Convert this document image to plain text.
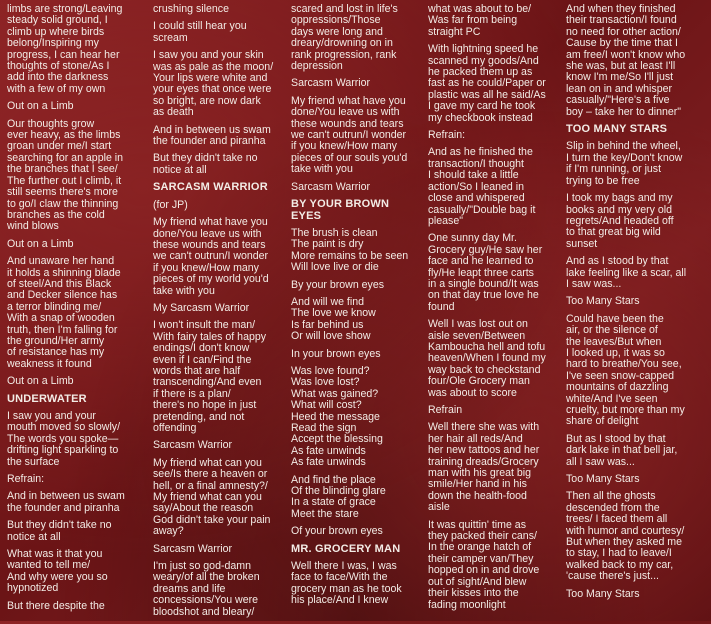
limbs are strong/Leaving
steady solid ground, I
climb up where birds
belong/Inspiring my
progress, I can hear her
thoughts of stone/As I
add into the darkness
with a few of my own

Out on a Limb

Our thoughts grow
ever heavy, as the limbs
groan under me/I start
searching for an apple in
the branches that I see/
The further out I climb, it
still seems there's more
to go/I claw the thinning
branches as the cold
wind blows

Out on a Limb

And unaware her hand
it holds a shinning blade
of steel/And this Black
and Decker silence has
a terror blinding me/
With a snap of wooden
truth, then I'm falling for
the ground/Her army
of resistance has my
weakness it found

Out on a Limb

UNDERWATER

I saw you and your
mouth moved so slowly/
The words you spoke—
drifting light sparkling to
the surface

Refrain:

And in between us swam
the founder and piranha

But they didn't take no
notice at all

What was it that you
wanted to tell me/
And why were you so
hypnotized

But there despite the

crushing silence

I could still hear you
scream

I saw you and your skin
was as pale as the moon/
Your lips were white and
your eyes that once were
so bright, are now dark
as death

And in between us swam
the founder and piranha

But they didn't take no
notice at all

SARCASM WARRIOR

(for JP)

My friend what have you
done/You leave us with
these wounds and tears
we can't outrun/I wonder
if you knew/How many
pieces of my world you'd
take with you

My Sarcasm Warrior

I won't insult the man/
With fairy tales of happy
endings/I don't know
even if I can/Find the
words that are half
transcending/And even
if there is a plan/
there's no hope in just
pretending, and not
offending

Sarcasm Warrior

My friend what can you
see/Is there a heaven or
hell, or a final amnesty?/
My friend what can you
say/About the reason
God didn't take your pain
away?

Sarcasm Warrior

I'm just so god-damn
weary/of all the broken
dreams and life
concessions/You were
bloodshot and bleary/

scared and lost in life's
oppressions/Those
days were long and
dreary/drowning on in
rank progression, rank
depression

Sarcasm Warrior

My friend what have you
done/You leave us with
these wounds and tears
we can't outrun/I wonder
if you knew/How many
pieces of our souls you'd
take with you

Sarcasm Warrior

BY YOUR BROWN
EYES

The brush is clean
The paint is dry
More remains to be seen
Will love live or die

By your brown eyes

And will we find
The love we know
Is far behind us
Or will love show

In your brown eyes

Was love found?
Was love lost?
What was gained?
What will cost?
Heed the message
Read the sign
Accept the blessing
As fate unwinds
As fate unwinds

And find the place
Of the blinding glare
In a state of grace
Meet the stare

Of your brown eyes

MR. GROCERY MAN

Well there I was, I was
face to face/With the
grocery man as he took
his place/And I knew

what was about to be/
Was far from being
straight PC

With lightning speed he
scanned my goods/And
he packed them up as
fast as he could/Paper or
plastic was all he said/As
I gave my card he took
my checkbook instead

Refrain:

And as he finished the
transaction/I thought
I should take a little
action/So I leaned in
close and whispered
casually/"Double bag it
please"

One sunny day Mr.
Grocery guy/He saw her
face and he learned to
fly/He leapt three carts
in a single bound/It was
on that day true love he
found

Well I was lost out on
aisle seven/Between
Kamboucha hell and tofu
heaven/When I found my
way back to checkstand
four/Ole Grocery man
was about to score

Refrain

Well there she was with
her hair all reds/And
her new tattoos and her
training dreads/Grocery
man with his great big
smile/Her hand in his
down the health-food
aisle

It was quittin' time as
they packed their cans/
In the orange hatch of
their camper van/They
hopped on in and drove
out of sight/And blew
their kisses into the
fading moonlight

And when they finished
their transaction/I found
no need for other action/
Cause by the time that I
am free/I won't know who
she was, but at least I'll
know I'm me/So I'll just
lean on in and whisper
casually/"Here's a five
boy – take her to dinner"

TOO MANY STARS

Slip in behind the wheel,
I turn the key/Don't know
if I'm running, or just
trying to be free

I took my bags and my
books and my very old
regrets/And headed off
to that great big wild
sunset

And as I stood by that
lake feeling like a scar, all
I saw was...

Too Many Stars

Could have been the
air, or the silence of
the leaves/But when
I looked up, it was so
hard to breathe/You see,
I've seen snow-capped
mountains of dazzling
white/And I've seen
cruelty, but more than my
share of delight

But as I stood by that
dark lake in that bell jar,
all I saw was...

Too Many Stars

Then all the ghosts
descended from the
trees/ I faced them all
with humor and courtesy/
But when they asked me
to stay, I had to leave/I
walked back to my car,
'cause there's just...

Too Many Stars
